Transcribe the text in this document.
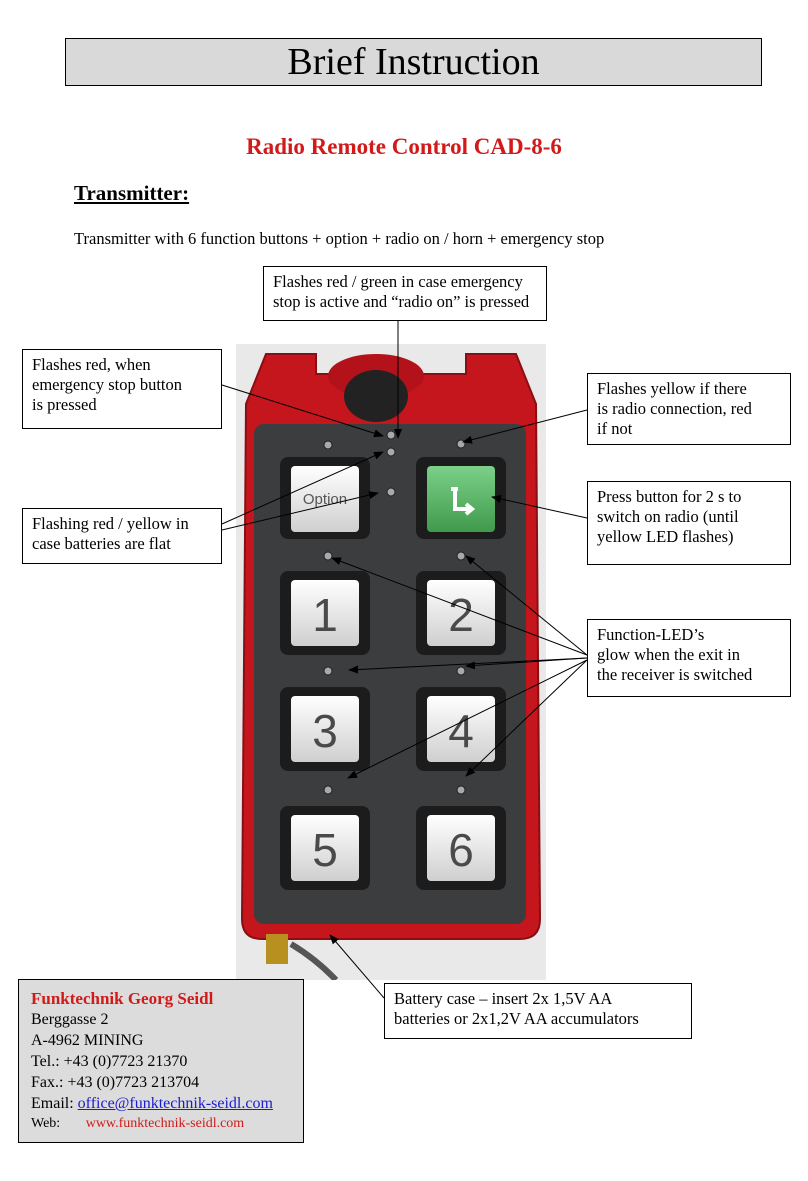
Brief Instruction
Radio Remote Control CAD-8-6
Transmitter:
Transmitter with 6 function buttons + option + radio on / horn + emergency stop
Option
1 2
3 4
5 6
Flashes red / green in case emergency
stop is active and “radio on” is pressed
Flashes red, when
emergency stop button
is pressed
Flashes yellow if there
is radio connection, red
if not
Flashing red / yellow in
case batteries are flat
Press button for 2 s to
switch on radio (until
yellow LED flashes)
Function-LED’s
glow when the exit in
the receiver is switched
Battery case – insert 2x 1,5V AA
batteries or 2x1,2V AA accumulators
Funktechnik Georg Seidl
Berggasse 2
A-4962 MINING
Tel.: +43 (0)7723 21370
Fax.: +43 (0)7723 213704
Email: office@funktechnik-seidl.com
Web: www.funktechnik-seidl.com
